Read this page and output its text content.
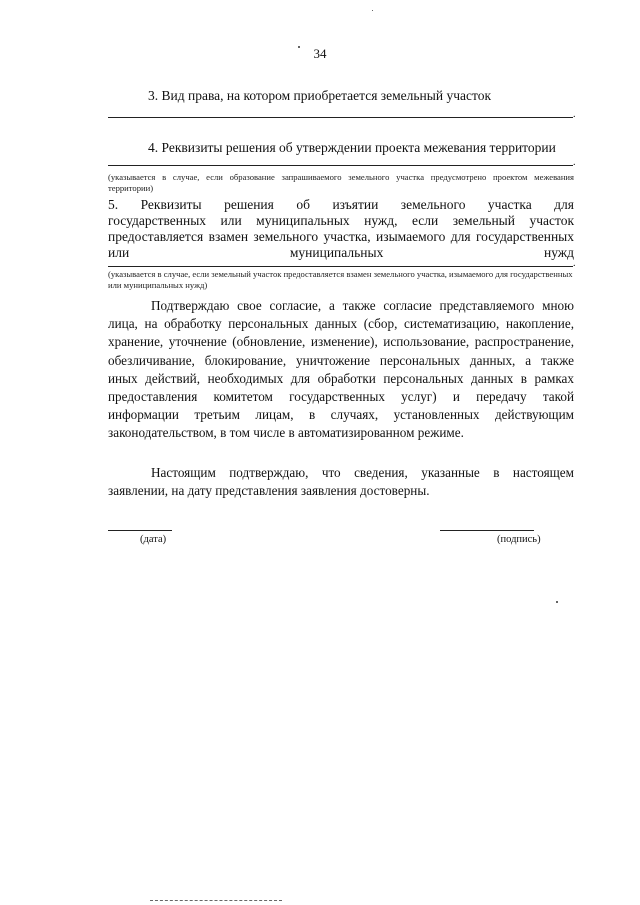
34
3. Вид права, на котором приобретается земельный участок
.
4. Реквизиты решения об утверждении проекта межевания территории
.
(указывается в случае, если образование запрашиваемого земельного участка предусмотрено проектом межевания территории)
5. Реквизиты решения об изъятии земельного участка для
государственных или муниципальных нужд, если земельный участок
предоставляется взамен земельного участка, изымаемого для государственных
или муниципальных нужд
.
(указывается в случае, если земельный участок предоставляется взамен земельного участка, изымаемого для государственных или муниципальных нужд)
Подтверждаю свое согласие, а также согласие представляемого мною
лица, на обработку персональных данных (сбор, систематизацию, накопление,
хранение, уточнение (обновление, изменение), использование, распространение,
обезличивание, блокирование, уничтожение персональных данных, а также
иных действий, необходимых для обработки персональных данных в рамках
предоставления комитетом государственных услуг) и передачу такой
информации третьим лицам, в случаях, установленных действующим
законодательством, в том числе в автоматизированном режиме.
Настоящим подтверждаю, что сведения, указанные в настоящем
заявлении, на дату представления заявления достоверны.
(дата)	(подпись)
